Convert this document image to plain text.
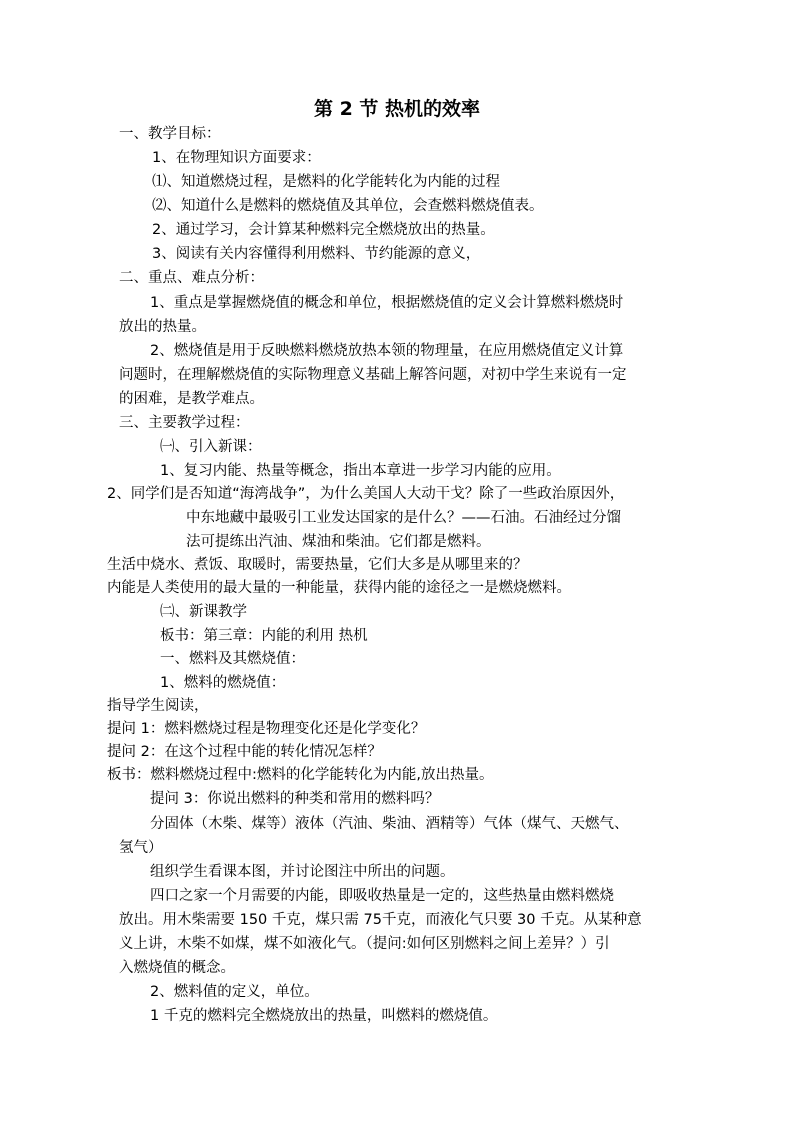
第 2 节 热机的效率
一、教学目标：
1、在物理知识方面要求：
⑴、知道燃烧过程，是燃料的化学能转化为内能的过程
⑵、知道什么是燃料的燃烧值及其单位，会查燃料燃烧值表。
2、通过学习，会计算某种燃料完全燃烧放出的热量。
3、阅读有关内容懂得利用燃料、节约能源的意义，
二、重点、难点分析：
1、重点是掌握燃烧值的概念和单位，根据燃烧值的定义会计算燃料燃烧时
放出的热量。
2、燃烧值是用于反映燃料燃烧放热本领的物理量，在应用燃烧值定义计算
问题时，在理解燃烧值的实际物理意义基础上解答问题，对初中学生来说有一定
的困难，是教学难点。
三、主要教学过程：
㈠、引入新课：
1、复习内能、热量等概念，指出本章进一步学习内能的应用。
2、同学们是否知道“海湾战争”，为什么美国人大动干戈？除了一些政治原因外，
中东地藏中最吸引工业发达国家的是什么？——石油。石油经过分馏
法可提练出汽油、煤油和柴油。它们都是燃料。
生活中烧水、煮饭、取暖时，需要热量，它们大多是从哪里来的？
内能是人类使用的最大量的一种能量，获得内能的途径之一是燃烧燃料。
㈡、新课教学
板书：第三章：内能的利用 热机
一、燃料及其燃烧值：
1、燃料的燃烧值：
指导学生阅读，
提问 1：燃料燃烧过程是物理变化还是化学变化？
提问 2：在这个过程中能的转化情况怎样？
板书：燃料燃烧过程中:燃料的化学能转化为内能,放出热量。
提问 3：你说出燃料的种类和常用的燃料吗？
分固体（木柴、煤等）液体（汽油、柴油、酒精等）气体（煤气、天燃气、
氢气）
组织学生看课本图，并讨论图注中所出的问题。
四口之家一个月需要的内能，即吸收热量是一定的，这些热量由燃料燃烧
放出。用木柴需要 150 千克，煤只需 75千克，而液化气只要 30 千克。从某种意
义上讲，木柴不如煤，煤不如液化气。（提问:如何区别燃料之间上差异？）引
入燃烧值的概念。
2、燃料值的定义，单位。
1 千克的燃料完全燃烧放出的热量，叫燃料的燃烧值。
